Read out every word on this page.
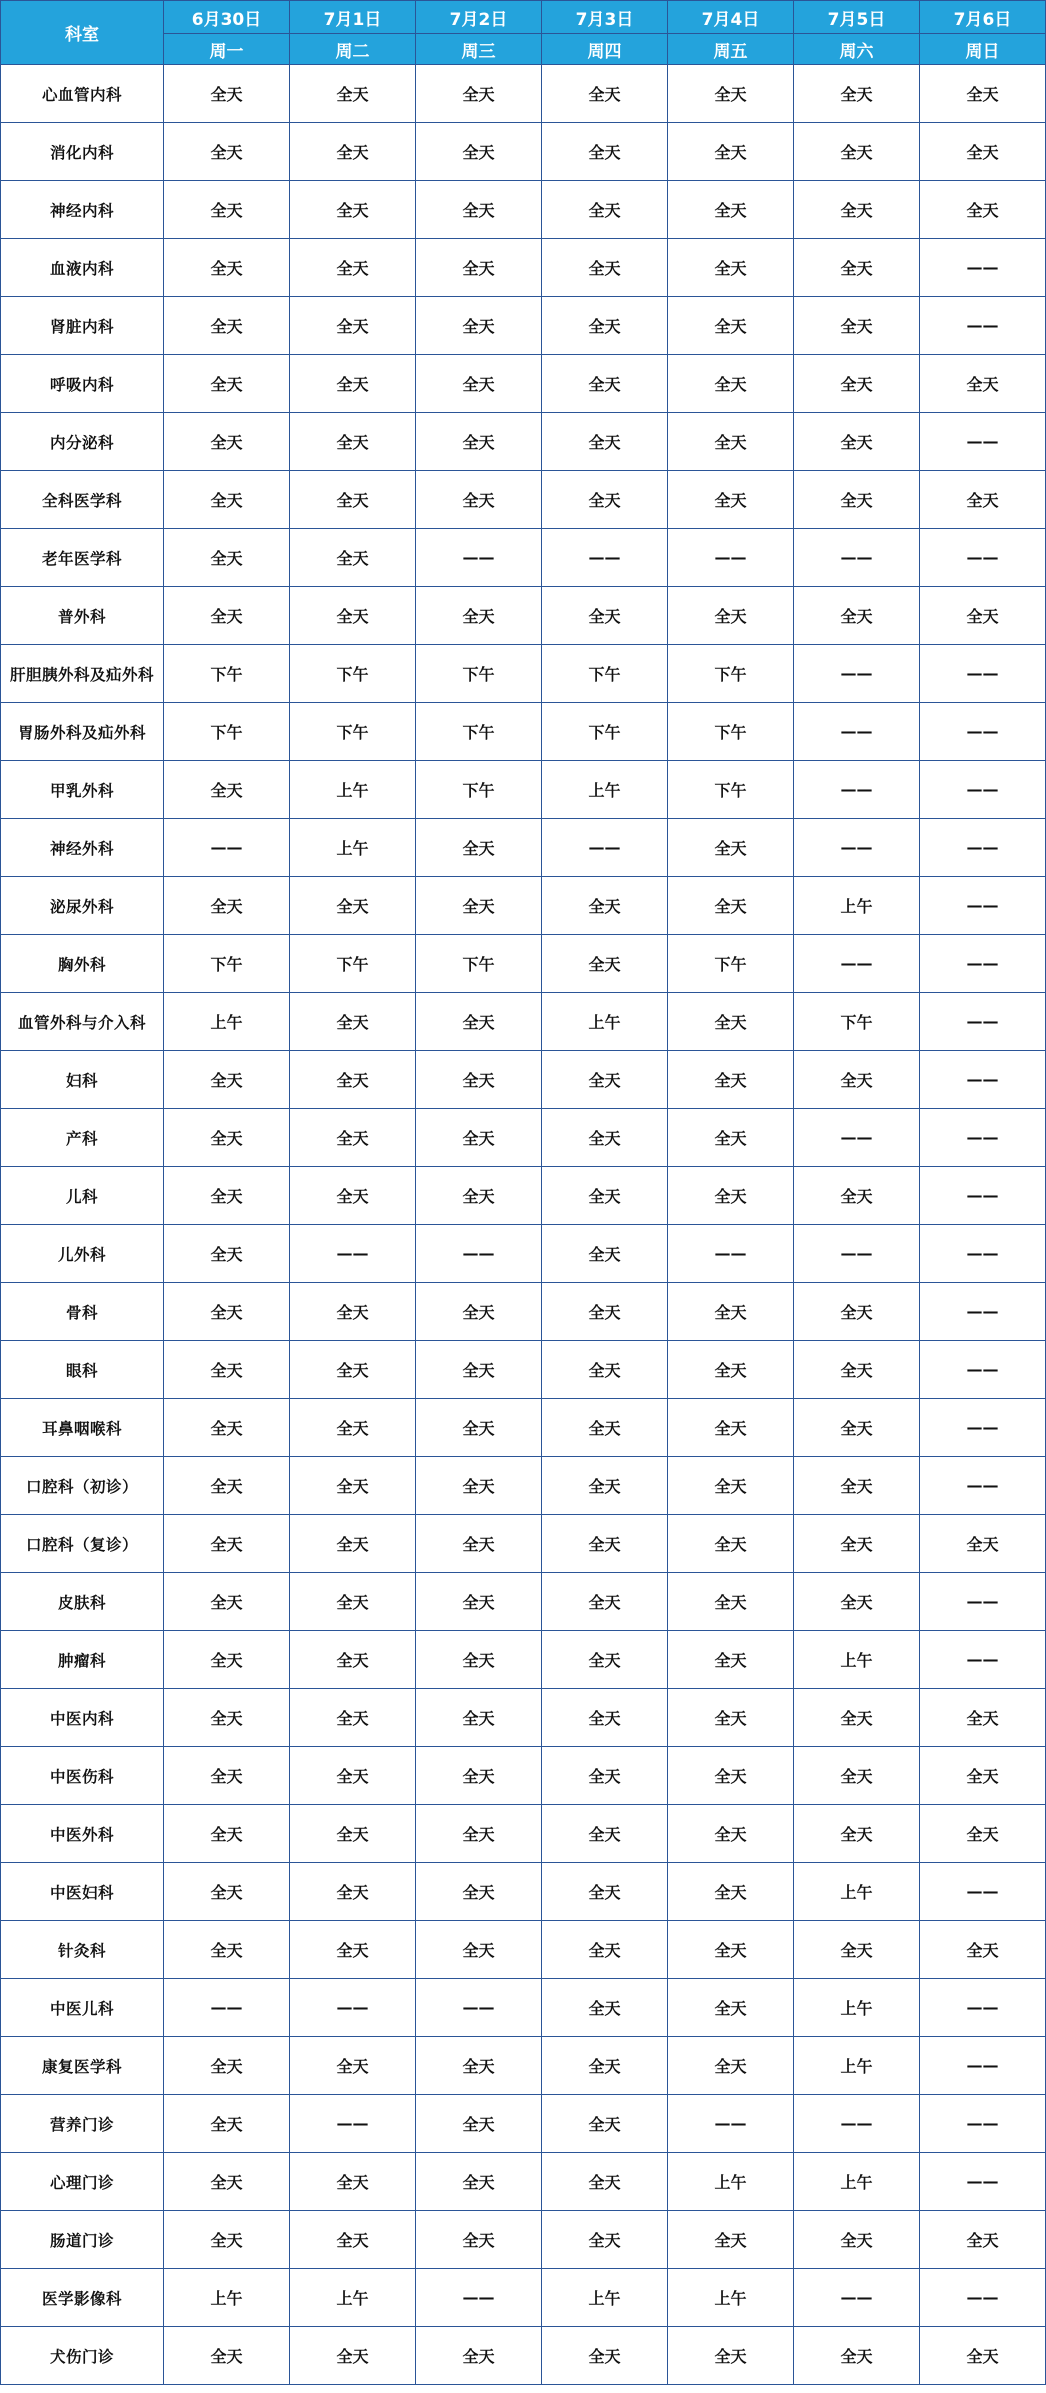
科室	6月30日	7月1日	7月2日	7月3日	7月4日	7月5日	7月6日
	周一	周二	周三	周四	周五	周六	周日
心血管内科	全天	全天	全天	全天	全天	全天	全天
消化内科	全天	全天	全天	全天	全天	全天	全天
神经内科	全天	全天	全天	全天	全天	全天	全天
血液内科	全天	全天	全天	全天	全天	全天	——
肾脏内科	全天	全天	全天	全天	全天	全天	——
呼吸内科	全天	全天	全天	全天	全天	全天	全天
内分泌科	全天	全天	全天	全天	全天	全天	——
全科医学科	全天	全天	全天	全天	全天	全天	全天
老年医学科	全天	全天	——	——	——	——	——
普外科	全天	全天	全天	全天	全天	全天	全天
肝胆胰外科及疝外科	下午	下午	下午	下午	下午	——	——
胃肠外科及疝外科	下午	下午	下午	下午	下午	——	——
甲乳外科	全天	上午	下午	上午	下午	——	——
神经外科	——	上午	全天	——	全天	——	——
泌尿外科	全天	全天	全天	全天	全天	上午	——
胸外科	下午	下午	下午	全天	下午	——	——
血管外科与介入科	上午	全天	全天	上午	全天	下午	——
妇科	全天	全天	全天	全天	全天	全天	——
产科	全天	全天	全天	全天	全天	——	——
儿科	全天	全天	全天	全天	全天	全天	——
儿外科	全天	——	——	全天	——	——	——
骨科	全天	全天	全天	全天	全天	全天	——
眼科	全天	全天	全天	全天	全天	全天	——
耳鼻咽喉科	全天	全天	全天	全天	全天	全天	——
口腔科（初诊）	全天	全天	全天	全天	全天	全天	——
口腔科（复诊）	全天	全天	全天	全天	全天	全天	全天
皮肤科	全天	全天	全天	全天	全天	全天	——
肿瘤科	全天	全天	全天	全天	全天	上午	——
中医内科	全天	全天	全天	全天	全天	全天	全天
中医伤科	全天	全天	全天	全天	全天	全天	全天
中医外科	全天	全天	全天	全天	全天	全天	全天
中医妇科	全天	全天	全天	全天	全天	上午	——
针灸科	全天	全天	全天	全天	全天	全天	全天
中医儿科	——	——	——	全天	全天	上午	——
康复医学科	全天	全天	全天	全天	全天	上午	——
营养门诊	全天	——	全天	全天	——	——	——
心理门诊	全天	全天	全天	全天	上午	上午	——
肠道门诊	全天	全天	全天	全天	全天	全天	全天
医学影像科	上午	上午	——	上午	上午	——	——
犬伤门诊	全天	全天	全天	全天	全天	全天	全天
